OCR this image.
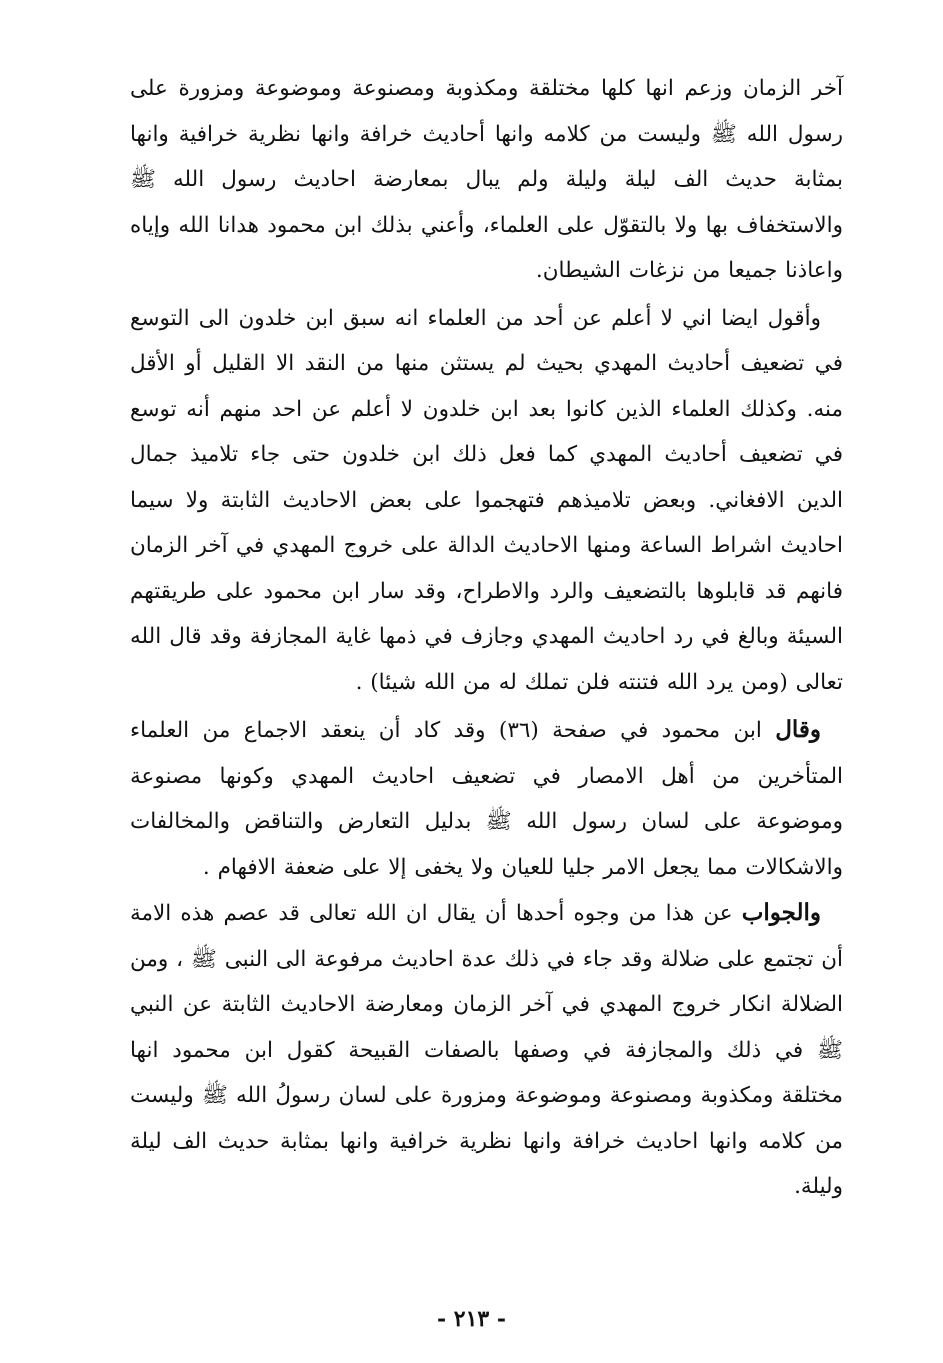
آخر الزمان وزعم انها كلها مختلقة ومكذوبة ومصنوعة وموضوعة ومزورة على رسول الله ﷺ وليست من كلامه وانها أحاديث خرافة وانها نظرية خرافية وانها بمثابة حديث الف ليلة وليلة ولم يبال بمعارضة احاديث رسول الله ﷺ والاستخفاف بها ولا بالتقوّل على العلماء، وأعني بذلك ابن محمود هدانا الله وإياه واعاذنا جميعا من نزغات الشيطان.

وأقول ايضا اني لا أعلم عن أحد من العلماء انه سبق ابن خلدون الى التوسع في تضعيف أحاديث المهدي بحيث لم يستثن منها من النقد الا القليل أو الأقل منه. وكذلك العلماء الذين كانوا بعد ابن خلدون لا أعلم عن احد منهم أنه توسع في تضعيف أحاديث المهدي كما فعل ذلك ابن خلدون حتى جاء تلاميذ جمال الدين الافغاني. وبعض تلاميذهم فتهجموا على بعض الاحاديث الثابتة ولا سيما احاديث اشراط الساعة ومنها الاحاديث الدالة على خروج المهدي في آخر الزمان فانهم قد قابلوها بالتضعيف والرد والاطراح، وقد سار ابن محمود على طريقتهم السيئة وبالغ في رد احاديث المهدي وجازف في ذمها غاية المجازفة وقد قال الله تعالى (ومن يرد الله فتنته فلن تملك له من الله شيئا) .

وقال ابن محمود في صفحة (٣٦) وقد كاد أن ينعقد الاجماع من العلماء المتأخرين من أهل الامصار في تضعيف احاديث المهدي وكونها مصنوعة وموضوعة على لسان رسول الله ﷺ بدليل التعارض والتناقض والمخالفات والاشكالات مما يجعل الامر جليا للعيان ولا يخفى إلا على ضعفة الافهام .

والجواب عن هذا من وجوه أحدها أن يقال ان الله تعالى قد عصم هذه الامة أن تجتمع على ضلالة وقد جاء في ذلك عدة احاديث مرفوعة الى النبى ﷺ ، ومن الضلالة انكار خروج المهدي في آخر الزمان ومعارضة الاحاديث الثابتة عن النبي ﷺ في ذلك والمجازفة في وصفها بالصفات القبيحة كقول ابن محمود انها مختلقة ومكذوبة ومصنوعة وموضوعة ومزورة على لسان رسولُ الله ﷺ وليست من كلامه وانها احاديث خرافة وانها نظرية خرافية وانها بمثابة حديث الف ليلة وليلة.

- ٢١٣ -
